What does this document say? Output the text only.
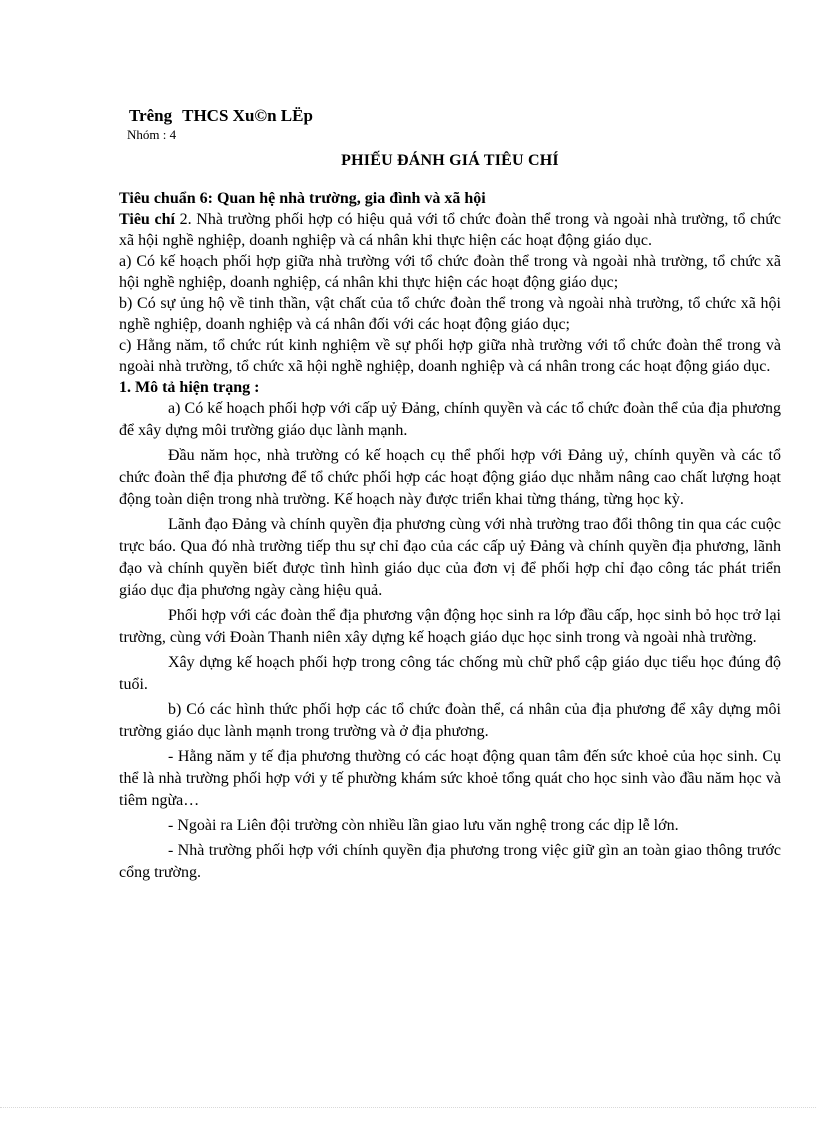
Trêng THCS Xu©n LËp
Nhóm : 4
PHIẾU ĐÁNH GIÁ TIÊU CHÍ
Tiêu chuẩn 6: Quan hệ nhà trường, gia đình và xã hội

Tiêu chí 2. Nhà trường phối hợp có hiệu quả với tổ chức đoàn thể trong và ngoài nhà trường, tổ chức xã hội nghề nghiệp, doanh nghiệp và cá nhân khi thực hiện các hoạt động giáo dục.

a) Có kế hoạch phối hợp giữa nhà trường với tổ chức đoàn thể trong và ngoài nhà trường, tổ chức xã hội nghề nghiệp, doanh nghiệp, cá nhân khi thực hiện các hoạt động giáo dục;

b) Có sự ủng hộ về tinh thần, vật chất của tổ chức đoàn thể trong và ngoài nhà trường, tổ chức xã hội nghề nghiệp, doanh nghiệp và cá nhân đối với các hoạt động giáo dục;

c) Hằng năm, tổ chức rút kinh nghiệm về sự phối hợp giữa nhà trường với tổ chức đoàn thể trong và ngoài nhà trường, tổ chức xã hội nghề nghiệp, doanh nghiệp và cá nhân trong các hoạt động giáo dục.

1. Mô tả hiện trạng :

a) Có kế hoạch phối hợp với cấp uỷ Đảng, chính quyền và các tổ chức đoàn thể của địa phương để xây dựng môi trường giáo dục lành mạnh.

Đầu năm học, nhà trường có kế hoạch cụ thể phối hợp với Đảng uỷ, chính quyền và các tổ chức đoàn thể địa phương để tổ chức phối hợp các hoạt động giáo dục nhằm nâng cao chất lượng hoạt động toàn diện trong nhà trường. Kế hoạch này được triển khai từng tháng, từng học kỳ.

Lãnh đạo Đảng và chính quyền địa phương cùng với nhà trường trao đổi thông tin qua các cuộc trực báo. Qua đó nhà trường tiếp thu sự chỉ đạo của các cấp uỷ Đảng và chính quyền địa phương, lãnh đạo và chính quyền biết được tình hình giáo dục của đơn vị để phối hợp chỉ đạo công tác phát triển giáo dục địa phương ngày càng hiệu quả.

Phối hợp với các đoàn thể địa phương vận động học sinh ra lớp đầu cấp, học sinh bỏ học trở lại trường, cùng với Đoàn Thanh niên xây dựng kế hoạch giáo dục học sinh trong và ngoài nhà trường.

Xây dựng kế hoạch phối hợp trong công tác chống mù chữ phổ cập giáo dục tiểu học đúng độ tuổi.

b) Có các hình thức phối hợp các tổ chức đoàn thể, cá nhân của địa phương để xây dựng môi trường giáo dục lành mạnh trong trường và ở địa phương.

- Hằng năm y tế địa phương thường có các hoạt động quan tâm đến sức khoẻ của học sinh. Cụ thể là nhà trường phối hợp với y tế phường khám sức khoẻ tổng quát cho học sinh vào đầu năm học và tiêm ngừa…

- Ngoài ra Liên đội trường còn nhiều lần giao lưu văn nghệ trong các dịp lễ lớn.

- Nhà trường phối hợp với chính quyền địa phương trong việc giữ gìn an toàn giao thông trước cổng trường.
